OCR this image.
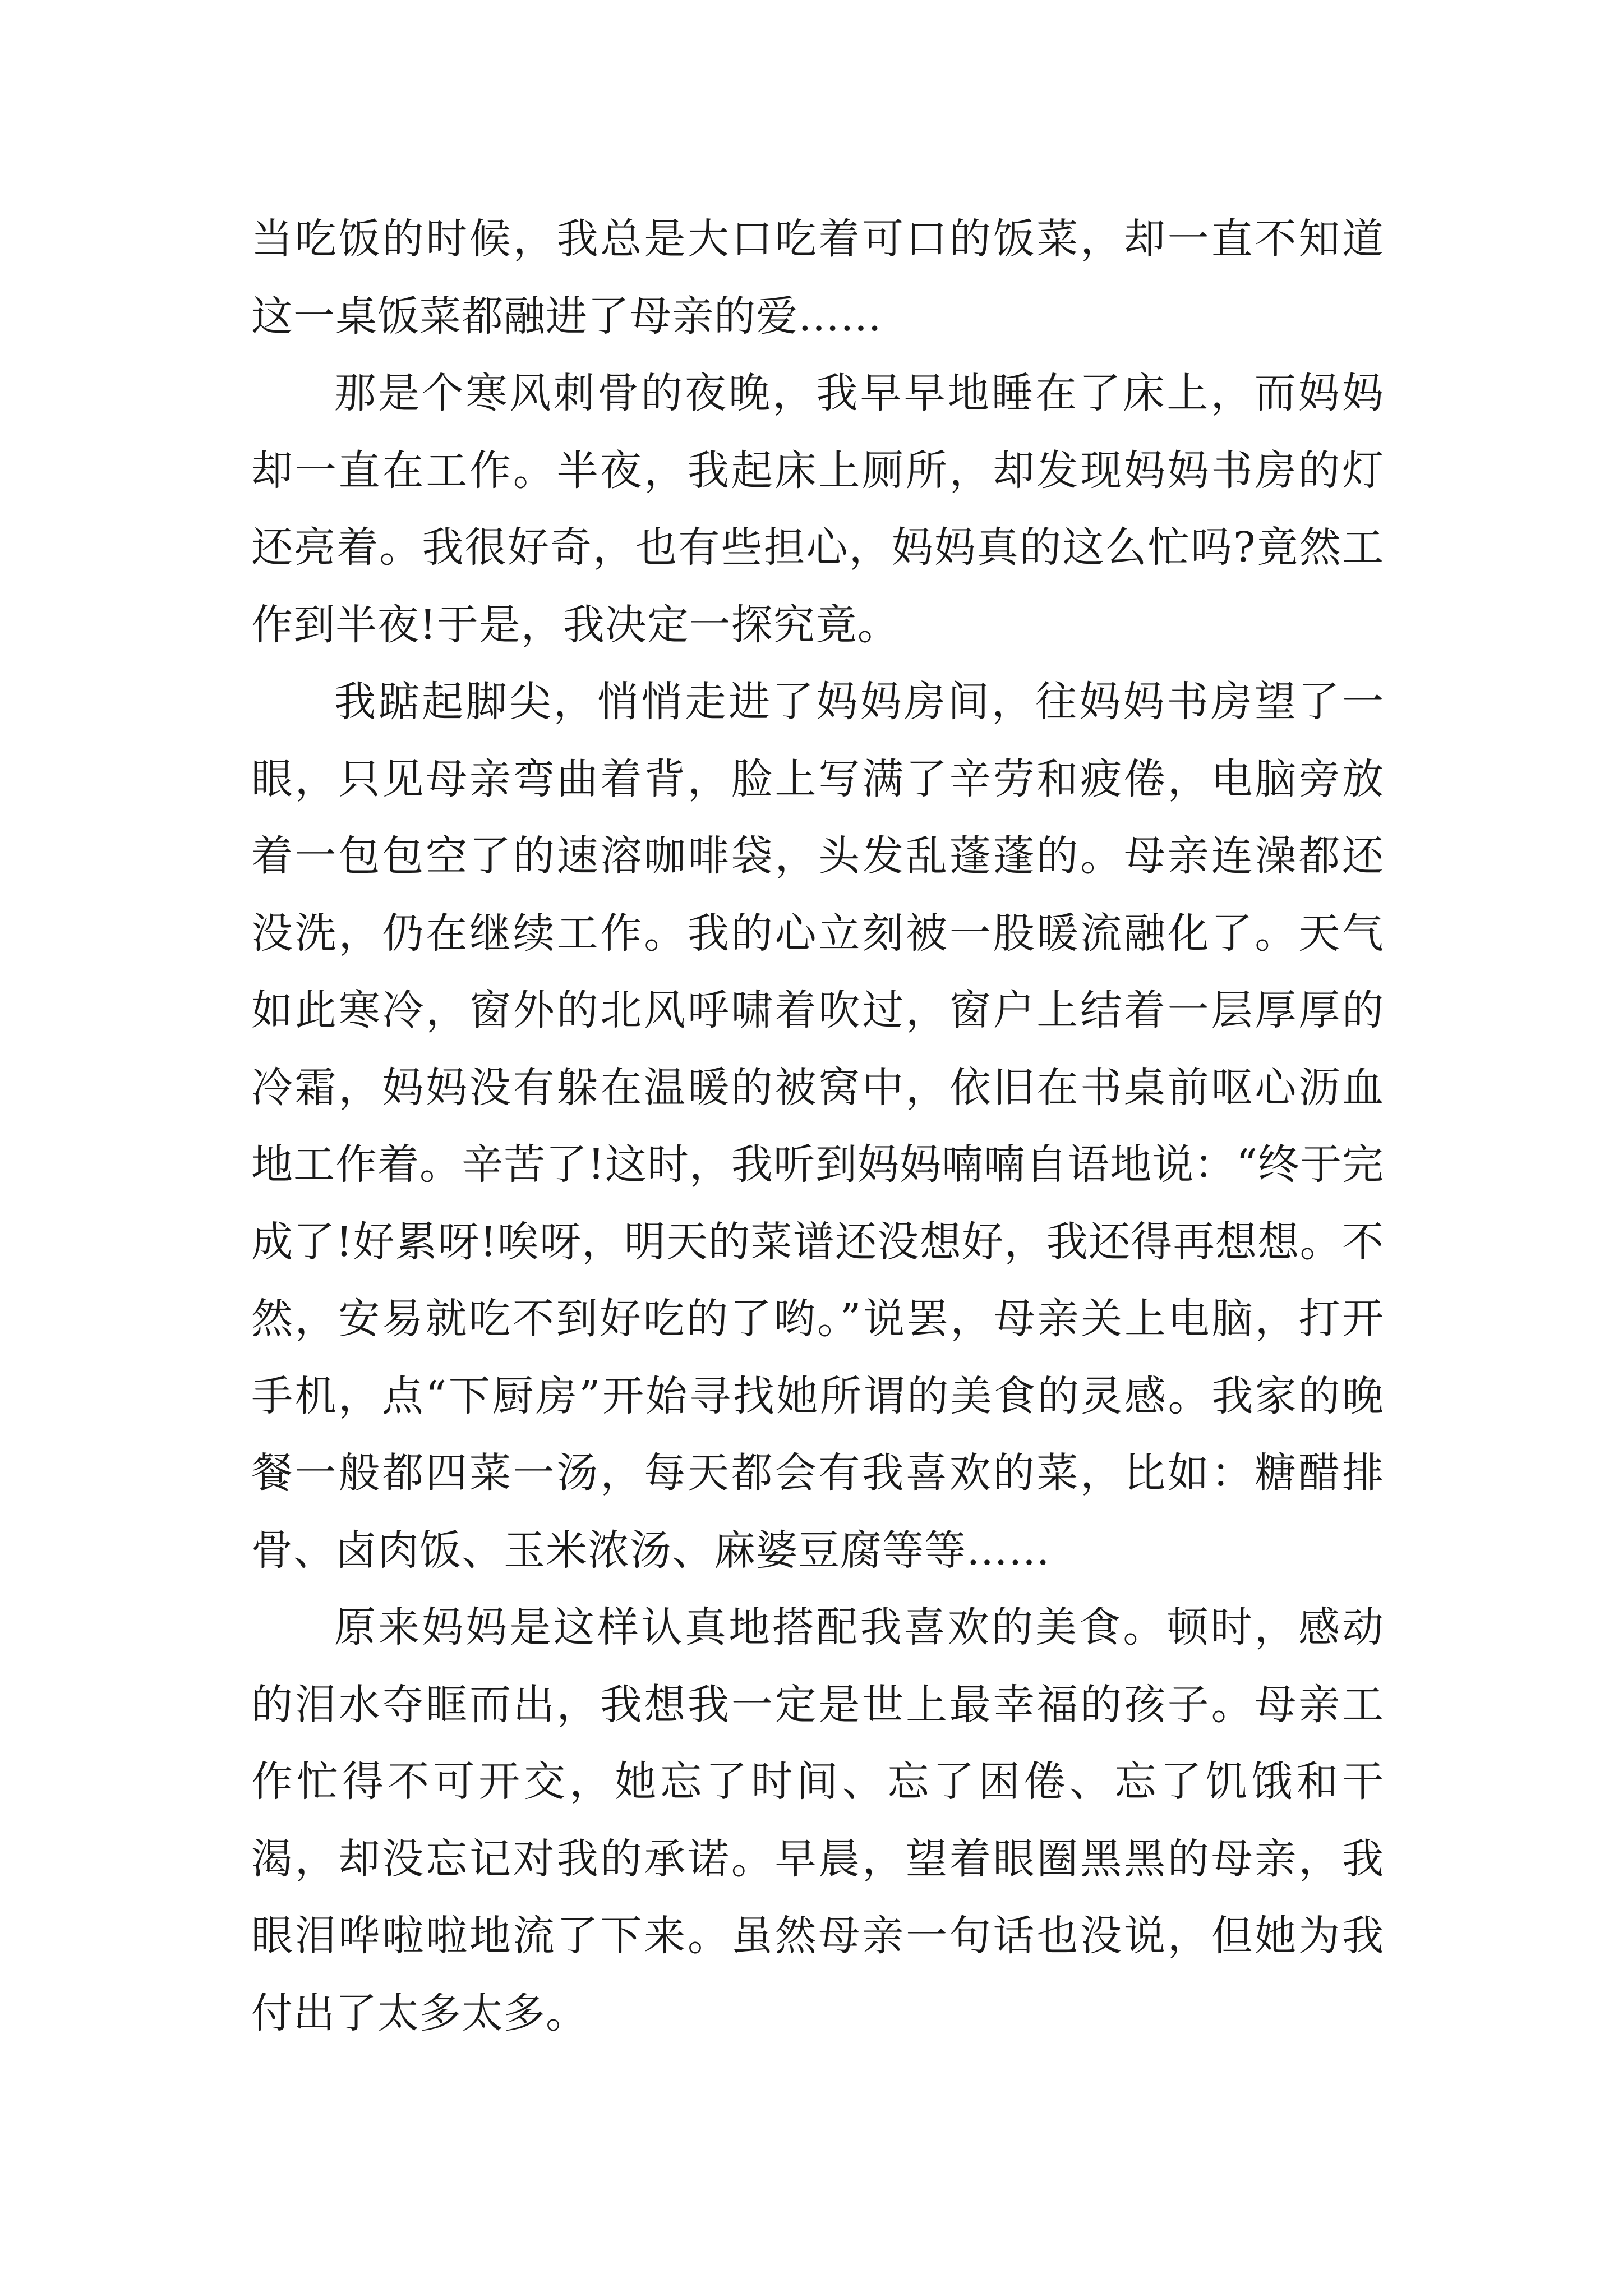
当吃饭的时候，我总是大口吃着可口的饭菜，却一直不知道这一桌饭菜都融进了母亲的爱……

那是个寒风刺骨的夜晚，我早早地睡在了床上，而妈妈却一直在工作。半夜，我起床上厕所，却发现妈妈书房的灯还亮着。我很好奇，也有些担心，妈妈真的这么忙吗?竟然工作到半夜!于是，我决定一探究竟。

我踮起脚尖，悄悄走进了妈妈房间，往妈妈书房望了一眼，只见母亲弯曲着背，脸上写满了辛劳和疲倦，电脑旁放着一包包空了的速溶咖啡袋，头发乱蓬蓬的。母亲连澡都还没洗，仍在继续工作。我的心立刻被一股暖流融化了。天气如此寒冷，窗外的北风呼啸着吹过，窗户上结着一层厚厚的冷霜，妈妈没有躲在温暖的被窝中，依旧在书桌前呕心沥血地工作着。辛苦了!这时，我听到妈妈喃喃自语地说：“终于完成了!好累呀!唉呀，明天的菜谱还没想好，我还得再想想。不然，安易就吃不到好吃的了哟。”说罢，母亲关上电脑，打开手机，点“下厨房”开始寻找她所谓的美食的灵感。我家的晚餐一般都四菜一汤，每天都会有我喜欢的菜，比如：糖醋排骨、卤肉饭、玉米浓汤、麻婆豆腐等等……

原来妈妈是这样认真地搭配我喜欢的美食。顿时，感动的泪水夺眶而出，我想我一定是世上最幸福的孩子。母亲工作忙得不可开交，她忘了时间、忘了困倦、忘了饥饿和干渴，却没忘记对我的承诺。早晨，望着眼圈黑黑的母亲，我眼泪哗啦啦地流了下来。虽然母亲一句话也没说，但她为我付出了太多太多。
